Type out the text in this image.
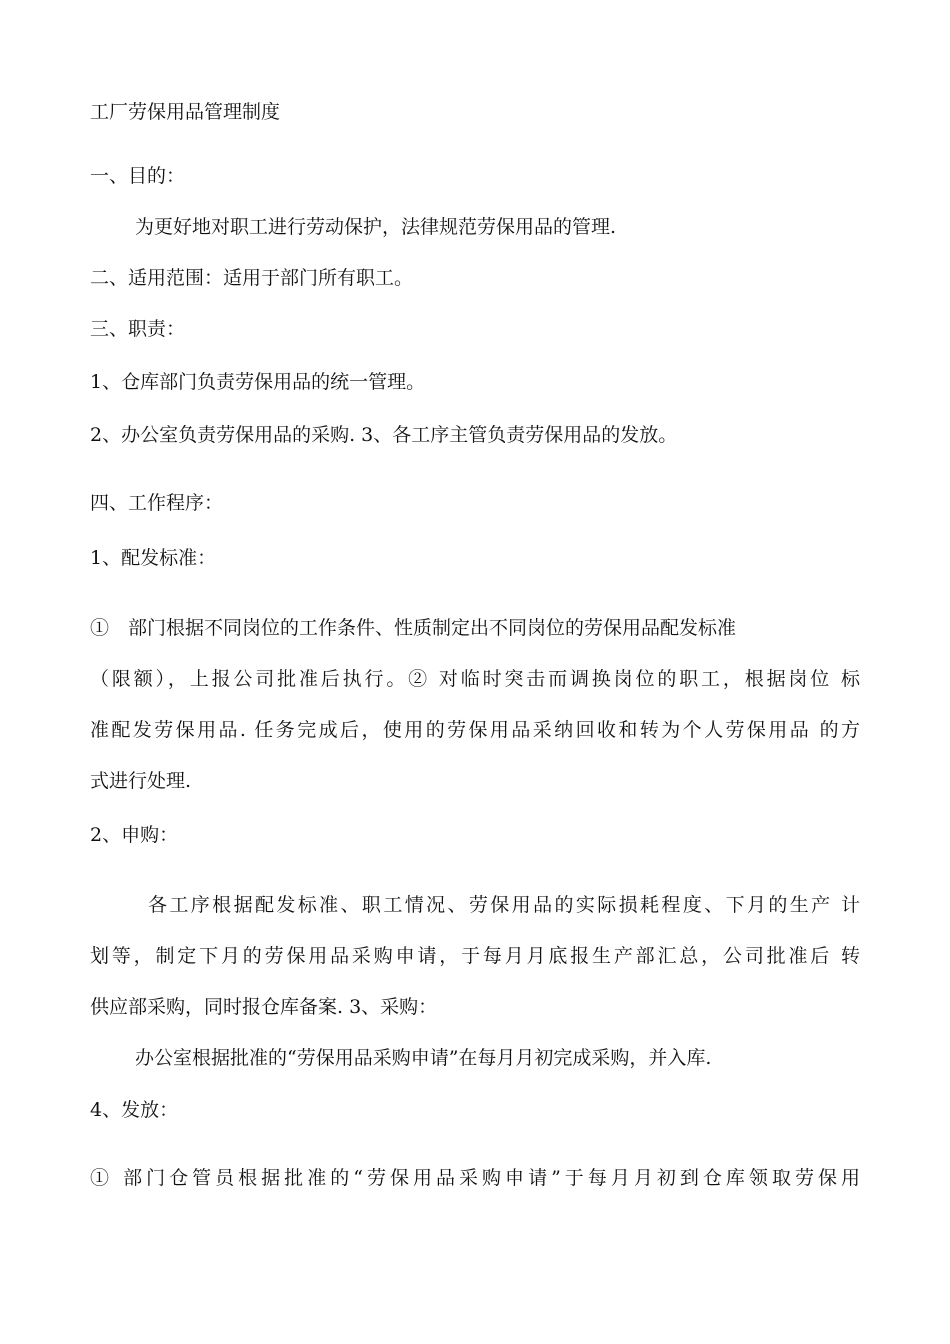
工厂劳保用品管理制度
一、目的：
为更好地对职工进行劳动保护，法律规范劳保用品的管理.
二、适用范围：适用于部门所有职工。
三、职责：
1、仓库部门负责劳保用品的统一管理。
2、办公室负责劳保用品的采购. 3、各工序主管负责劳保用品的发放。
四、工作程序：
1、配发标准：
①　部门根据不同岗位的工作条件、性质制定出不同岗位的劳保用品配发标准
（限额），上报公司批准后执行。② 对临时突击而调换岗位的职工，根据岗位 标
准配发劳保用品. 任务完成后，使用的劳保用品采纳回收和转为个人劳保用品 的方
式进行处理.
2、申购：
各工序根据配发标准、职工情况、劳保用品的实际损耗程度、下月的生产 计
划等，制定下月的劳保用品采购申请，于每月月底报生产部汇总，公司批准后 转
供应部采购，同时报仓库备案. 3、采购：
办公室根据批准的“劳保用品采购申请”在每月月初完成采购，并入库.
4、发放：
① 部门仓管员根据批准的“劳保用品采购申请”于每月月初到仓库领取劳保用
